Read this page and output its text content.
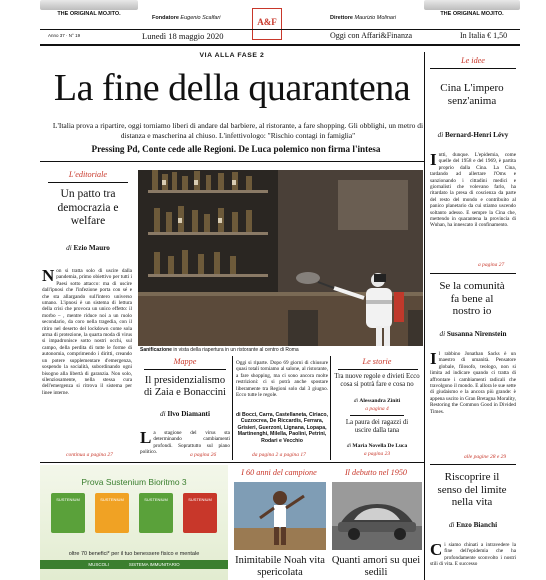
THE ORIGINAL MOJITO.	THE ORIGINAL MOJITO.
Fondatore Eugenio Scalfari	A&F	Direttore Maurizio Molinari
Anno 37 · N° 19	Lunedì 18 maggio 2020	Oggi con Affari&Finanza	In Italia € 1,50
VIA ALLA FASE 2
La fine della quarantena
L'Italia prova a ripartire, oggi torniamo liberi di andare dal barbiere, al ristorante, a fare shopping. Gli obblighi, un metro di distanza e mascherina al chiuso. L'infettivologo: "Rischio contagi in famiglia"
Pressing Pd, Conte cede alle Regioni. De Luca polemico non firma l'intesa
Le idee
Cina L'impero senz'anima
di Bernard-Henri Lévy
Intti, dunque. L'epidemia, come quelle del 1958 e del 1969, è partita proprio dalla Cina. La Cina, tardando ad allertare l'Oms e sanzionando i cittadini medici e giornalisti che volevano farlo, ha ritardato la presa di coscienza da parte del resto del mondo e contribuito al panico planetario da cui stiamo uscendo soltanto adesso. E sempre la Cina che, mettendo in quarantena la provincia di Wuhan, ha innescato il confinamento.
a pagina 27
Se la comunità fa bene al nostro io
di Susanna Nirenstein
Il rabbino Jonathan Sacks è un maestro di umanità. Pensatore globale, filosofo, teologo, non si limita ad indicare quando ci tratta di affrontare i cambiamenti radicali che travolgono il mondo. E allora le sue sette di giudaismo e la ancora più grande: è appena uscito in Gran Bretagna Morality, Restoring the Common Good in Divided Times.
alle pagine 28 e 29
Riscoprire il senso del limite nella vita
di Enzo Bianchi
Ci siamo chinati a intravedere la fine dell'epidemia che ha profondamente sconvolto i nostri stili di vita. E successo
L'editoriale
Un patto tra democrazia e welfare
di Ezio Mauro
Non si tratta solo di uscire dalla pandemia, primo obiettivo per tutti i Paesi sotto attacco: ma di uscire dall'ipnosi che l'infezione porta con sé e che sta allargando sull'intero universo umano. L'ipnosi è un sistema di lettura della crisi che provoca un unico effetto: il morbo – , mentre riduce noi a un ruolo secondario, da coro nella tragedia, con il ritiro nel deserto del lockdown come sola arma di protezione, la quarta moda di virus si impadronisce sotto nostri occhi, sul campo, della perdita di tutte le forme di autonomia, comprimendo i diritti, creando un potere supplementare d'emergenza, sospendo la socialità, subordinando ogni bisogno alla libertà di garanzia. Non solo, silenziosamente, nella stessa cura dell'emergenza si ritrova il sistema per linee interne.
continua a pagina 27
Sanificazione in vista della riapertura in un ristorante al centro di Roma
Mappe
Il presidenzialismo di Zaia e Bonaccini
di Ilvo Diamanti
La stagione del virus sta determinando cambiamenti profondi. Soprattutto sul piano politico.	a pagina 26
Oggi si riparte. Dopo 69 giorni di chiusure quasi totali torniamo al salone, al ristorante, a fare shopping, ma ci sono ancora molte restrizioni: ci si potrà anche spostare liberamente tra Regioni solo dal 3 giugno. Ecco tutte le regole.
di Bocci, Carra, Castellaneta, Ciriaco, Cuzzocrea, De Riccardis, Ferrara, Grisieri, Guerzoni, Lignana, Lopapa, Martinenghi, Milella, Paolini, Petrini, Rodari e Vecchio
da pagina 2 a pagina 17
Le storie
Tra nuove regole e divieti Ecco cosa si potrà fare e cosa no
di Alessandra Ziniti
a pagina 4
La paura dei ragazzi di uscire dalla tana
di Maria Novella De Luca
a pagina 23
Prova Sustenium Bioritmo 3
SUSTENIUM	SUSTENIUM	SUSTENIUM	SUSTENIUM
oltre 70 benefici* per il tuo benessere fisico e mentale
MUSCOLI	SISTEMA IMMUNITARIO
I 60 anni del campione
Inimitabile Noah vita spericolata
Il debutto nel 1950
Quanti amori su quei sedili
